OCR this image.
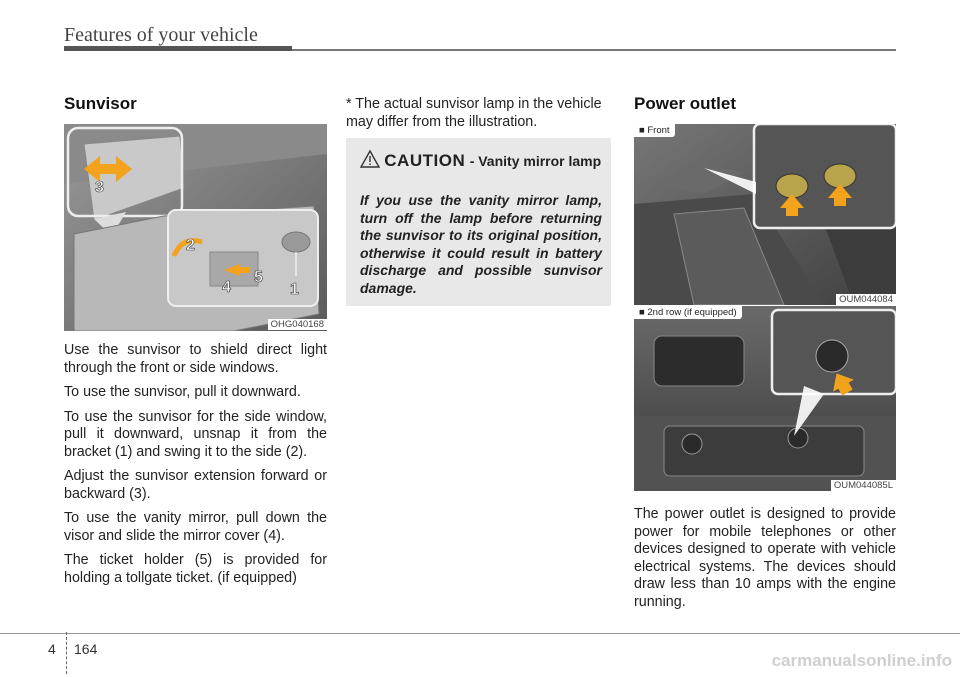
Features of your vehicle
Sunvisor
3
2
4
5
1
OHG040168

Use the sunvisor to shield direct light through the front or side windows.

To use the sunvisor, pull it downward.

To use the sunvisor for the side window, pull it downward, unsnap it from the bracket (1) and swing it to the side (2).

Adjust the sunvisor extension forward or backward (3).

To use the vanity mirror, pull down the visor and slide the mirror cover (4).

The ticket holder (5) is provided for holding a tollgate ticket. (if equipped)

* The actual sunvisor lamp in the vehicle may differ from the illustration.

CAUTION - Vanity mirror lamp
If you use the vanity mirror lamp, turn off the lamp before returning the sunvisor to its original position, otherwise it could result in battery discharge and possible sunvisor damage.
Power outlet
■ Front
OUM044084
■ 2nd row (if equipped)
OUM044085L

The power outlet is designed to provide power for mobile telephones or other devices designed to operate with vehicle electrical systems. The devices should draw less than 10 amps with the engine running.

4 164
carmanualsonline.info
